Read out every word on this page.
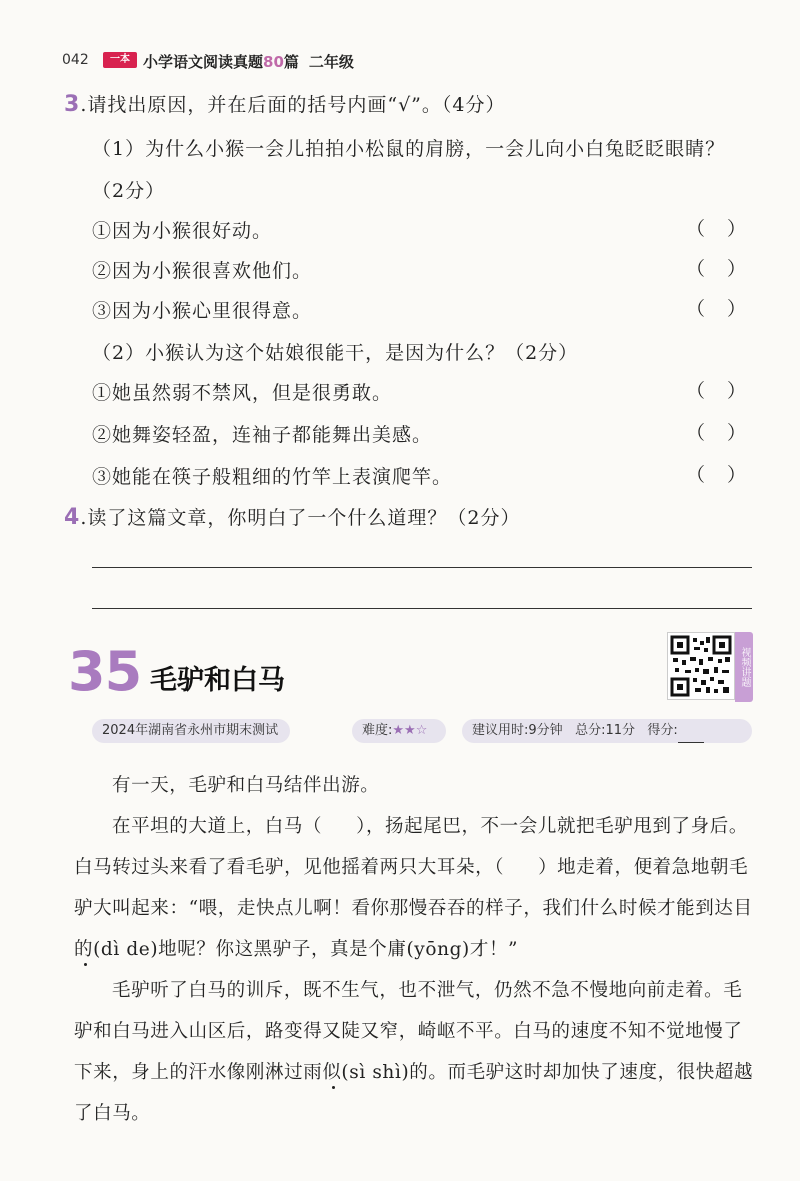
042	一本 小学语文阅读真题80篇 二年级
3.请找出原因，并在后面的括号内画“√”。（4分）
（1）为什么小猴一会儿拍拍小松鼠的肩膀，一会儿向小白兔眨眨眼睛？
（2分）
①因为小猴很好动。	（ ）
②因为小猴很喜欢他们。	（ ）
③因为小猴心里很得意。	（ ）
（2）小猴认为这个姑娘很能干，是因为什么？（2分）
①她虽然弱不禁风，但是很勇敢。	（ ）
②她舞姿轻盈，连袖子都能舞出美感。	（ ）
③她能在筷子般粗细的竹竿上表演爬竿。	（ ）
4.读了这篇文章，你明白了一个什么道理？（2分）
35 毛驴和白马	视频讲题
2024年湖南省永州市期末测试	难度:★★☆	建议用时:9分钟 总分:11分 得分:
有一天，毛驴和白马结伴出游。
在平坦的大道上，白马（ ），扬起尾巴，不一会儿就把毛驴甩到了身后。白马转过头来看了看毛驴，见他摇着两只大耳朵，（ ）地走着，便着急地朝毛驴大叫起来：“喂，走快点儿啊！看你那慢吞吞的样子，我们什么时候才能到达目的(dì de)地呢？你这黑驴子，真是个庸(yōng)才！”
毛驴听了白马的训斥，既不生气，也不泄气，仍然不急不慢地向前走着。毛驴和白马进入山区后，路变得又陡又窄，崎岖不平。白马的速度不知不觉地慢了下来，身上的汗水像刚淋过雨似(sì shì)的。而毛驴这时却加快了速度，很快超越了白马。
